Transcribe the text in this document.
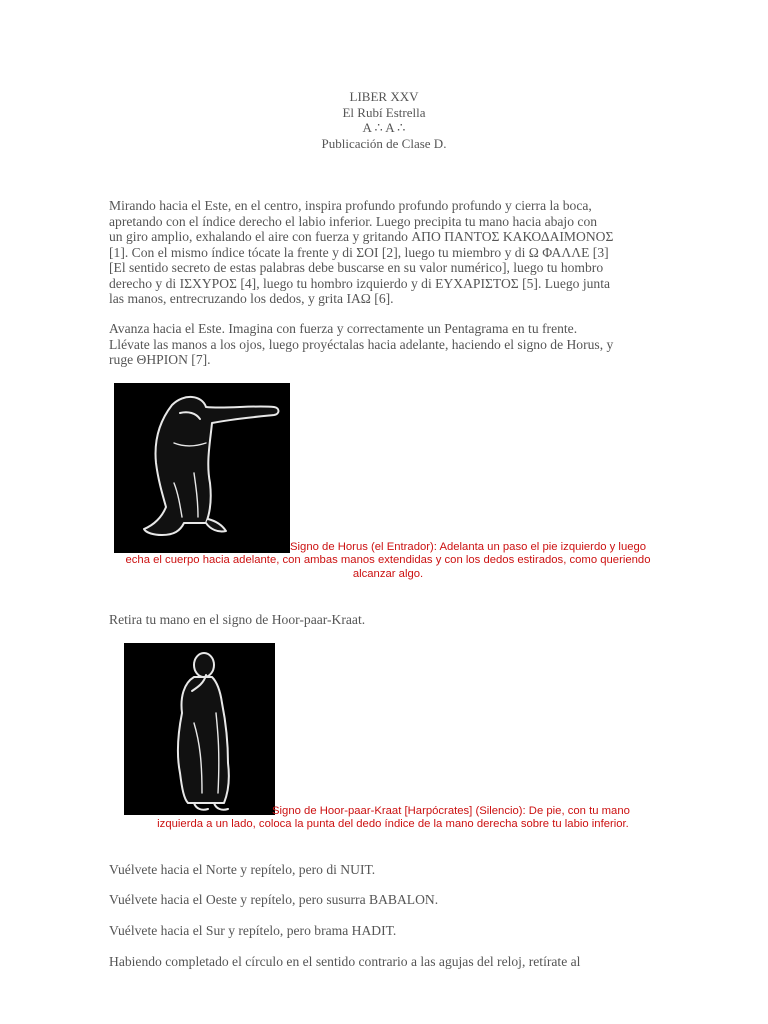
LIBER XXV
El Rubí Estrella
A ∴ A ∴
Publicación de Clase D.
Mirando hacia el Este, en el centro, inspira profundo profundo profundo y cierra la boca,
apretando con el índice derecho el labio inferior. Luego precipita tu mano hacia abajo con
un giro amplio, exhalando el aire con fuerza y gritando ΑΠΟ ΠΑΝΤΟΣ ΚΑΚΟΔΑΙΜΟΝΟΣ
[1]. Con el mismo índice tócate la frente y di ΣΟΙ [2], luego tu miembro y di Ω ΦΑΛΛΕ [3]
[El sentido secreto de estas palabras debe buscarse en su valor numérico], luego tu hombro
derecho y di ΙΣΧΥΡΟΣ [4], luego tu hombro izquierdo y di ΕΥΧΑΡΙΣΤΟΣ [5]. Luego junta
las manos, entrecruzando los dedos, y grita ΙΑΩ [6].
Avanza hacia el Este. Imagina con fuerza y correctamente un Pentagrama en tu frente.
Llévate las manos a los ojos, luego proyéctalas hacia adelante, haciendo el signo de Horus, y
ruge ΘΗΡΙΟΝ [7].
Signo de Horus (el Entrador): Adelanta un paso el pie izquierdo y luego
echa el cuerpo hacia adelante, con ambas manos extendidas y con los dedos estirados, como queriendo
alcanzar algo.
Retira tu mano en el signo de Hoor-paar-Kraat.
Signo de Hoor-paar-Kraat [Harpócrates] (Silencio): De pie, con tu mano
izquierda a un lado, coloca la punta del dedo índice de la mano derecha sobre tu labio inferior.
Vuélvete hacia el Norte y repítelo, pero di NUIT.
Vuélvete hacia el Oeste y repítelo, pero susurra BABALON.
Vuélvete hacia el Sur y repítelo, pero brama HADIT.
Habiendo completado el círculo en el sentido contrario a las agujas del reloj, retírate al
